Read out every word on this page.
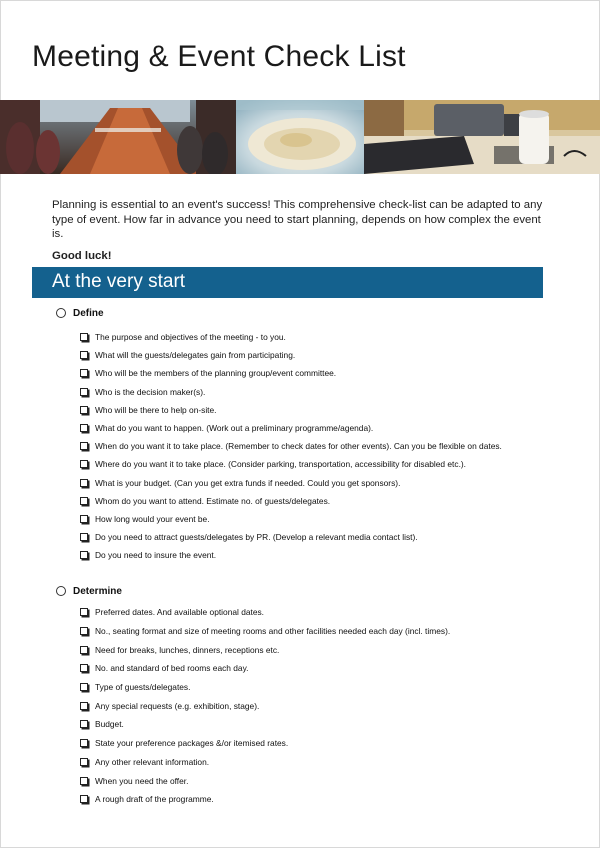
Meeting & Event Check List

Planning is essential to an event's success! This comprehensive check-list can be adapted to any type of event. How far in advance you need to start planning, depends on how complex the event is.

Good luck!

At the very start
Define
The purpose and objectives of the meeting - to you.
What will the guests/delegates gain from participating.
Who will be the members of the planning group/event committee.
Who is the decision maker(s).
Who will be there to help on-site.
What do you want to happen. (Work out a preliminary programme/agenda).
When do you want it to take place. (Remember to check dates for other events). Can you be flexible on dates.
Where do you want it to take place. (Consider parking, transportation, accessibility for disabled etc.).
What is your budget. (Can you get extra funds if needed. Could you get sponsors).
Whom do you want to attend. Estimate no. of guests/delegates.
How long would your event be.
Do you need to attract guests/delegates by PR. (Develop a relevant media contact list).
Do you need to insure the event.
Determine
Preferred dates. And available optional dates.
No., seating format and size of meeting rooms and other facilities needed each day (incl. times).
Need for breaks, lunches, dinners, receptions etc.
No. and standard of bed rooms each day.
Type of guests/delegates.
Any special requests (e.g. exhibition, stage).
Budget.
State your preference packages &/or itemised rates.
Any other relevant information.
When you need the offer.
A rough draft of the programme.
